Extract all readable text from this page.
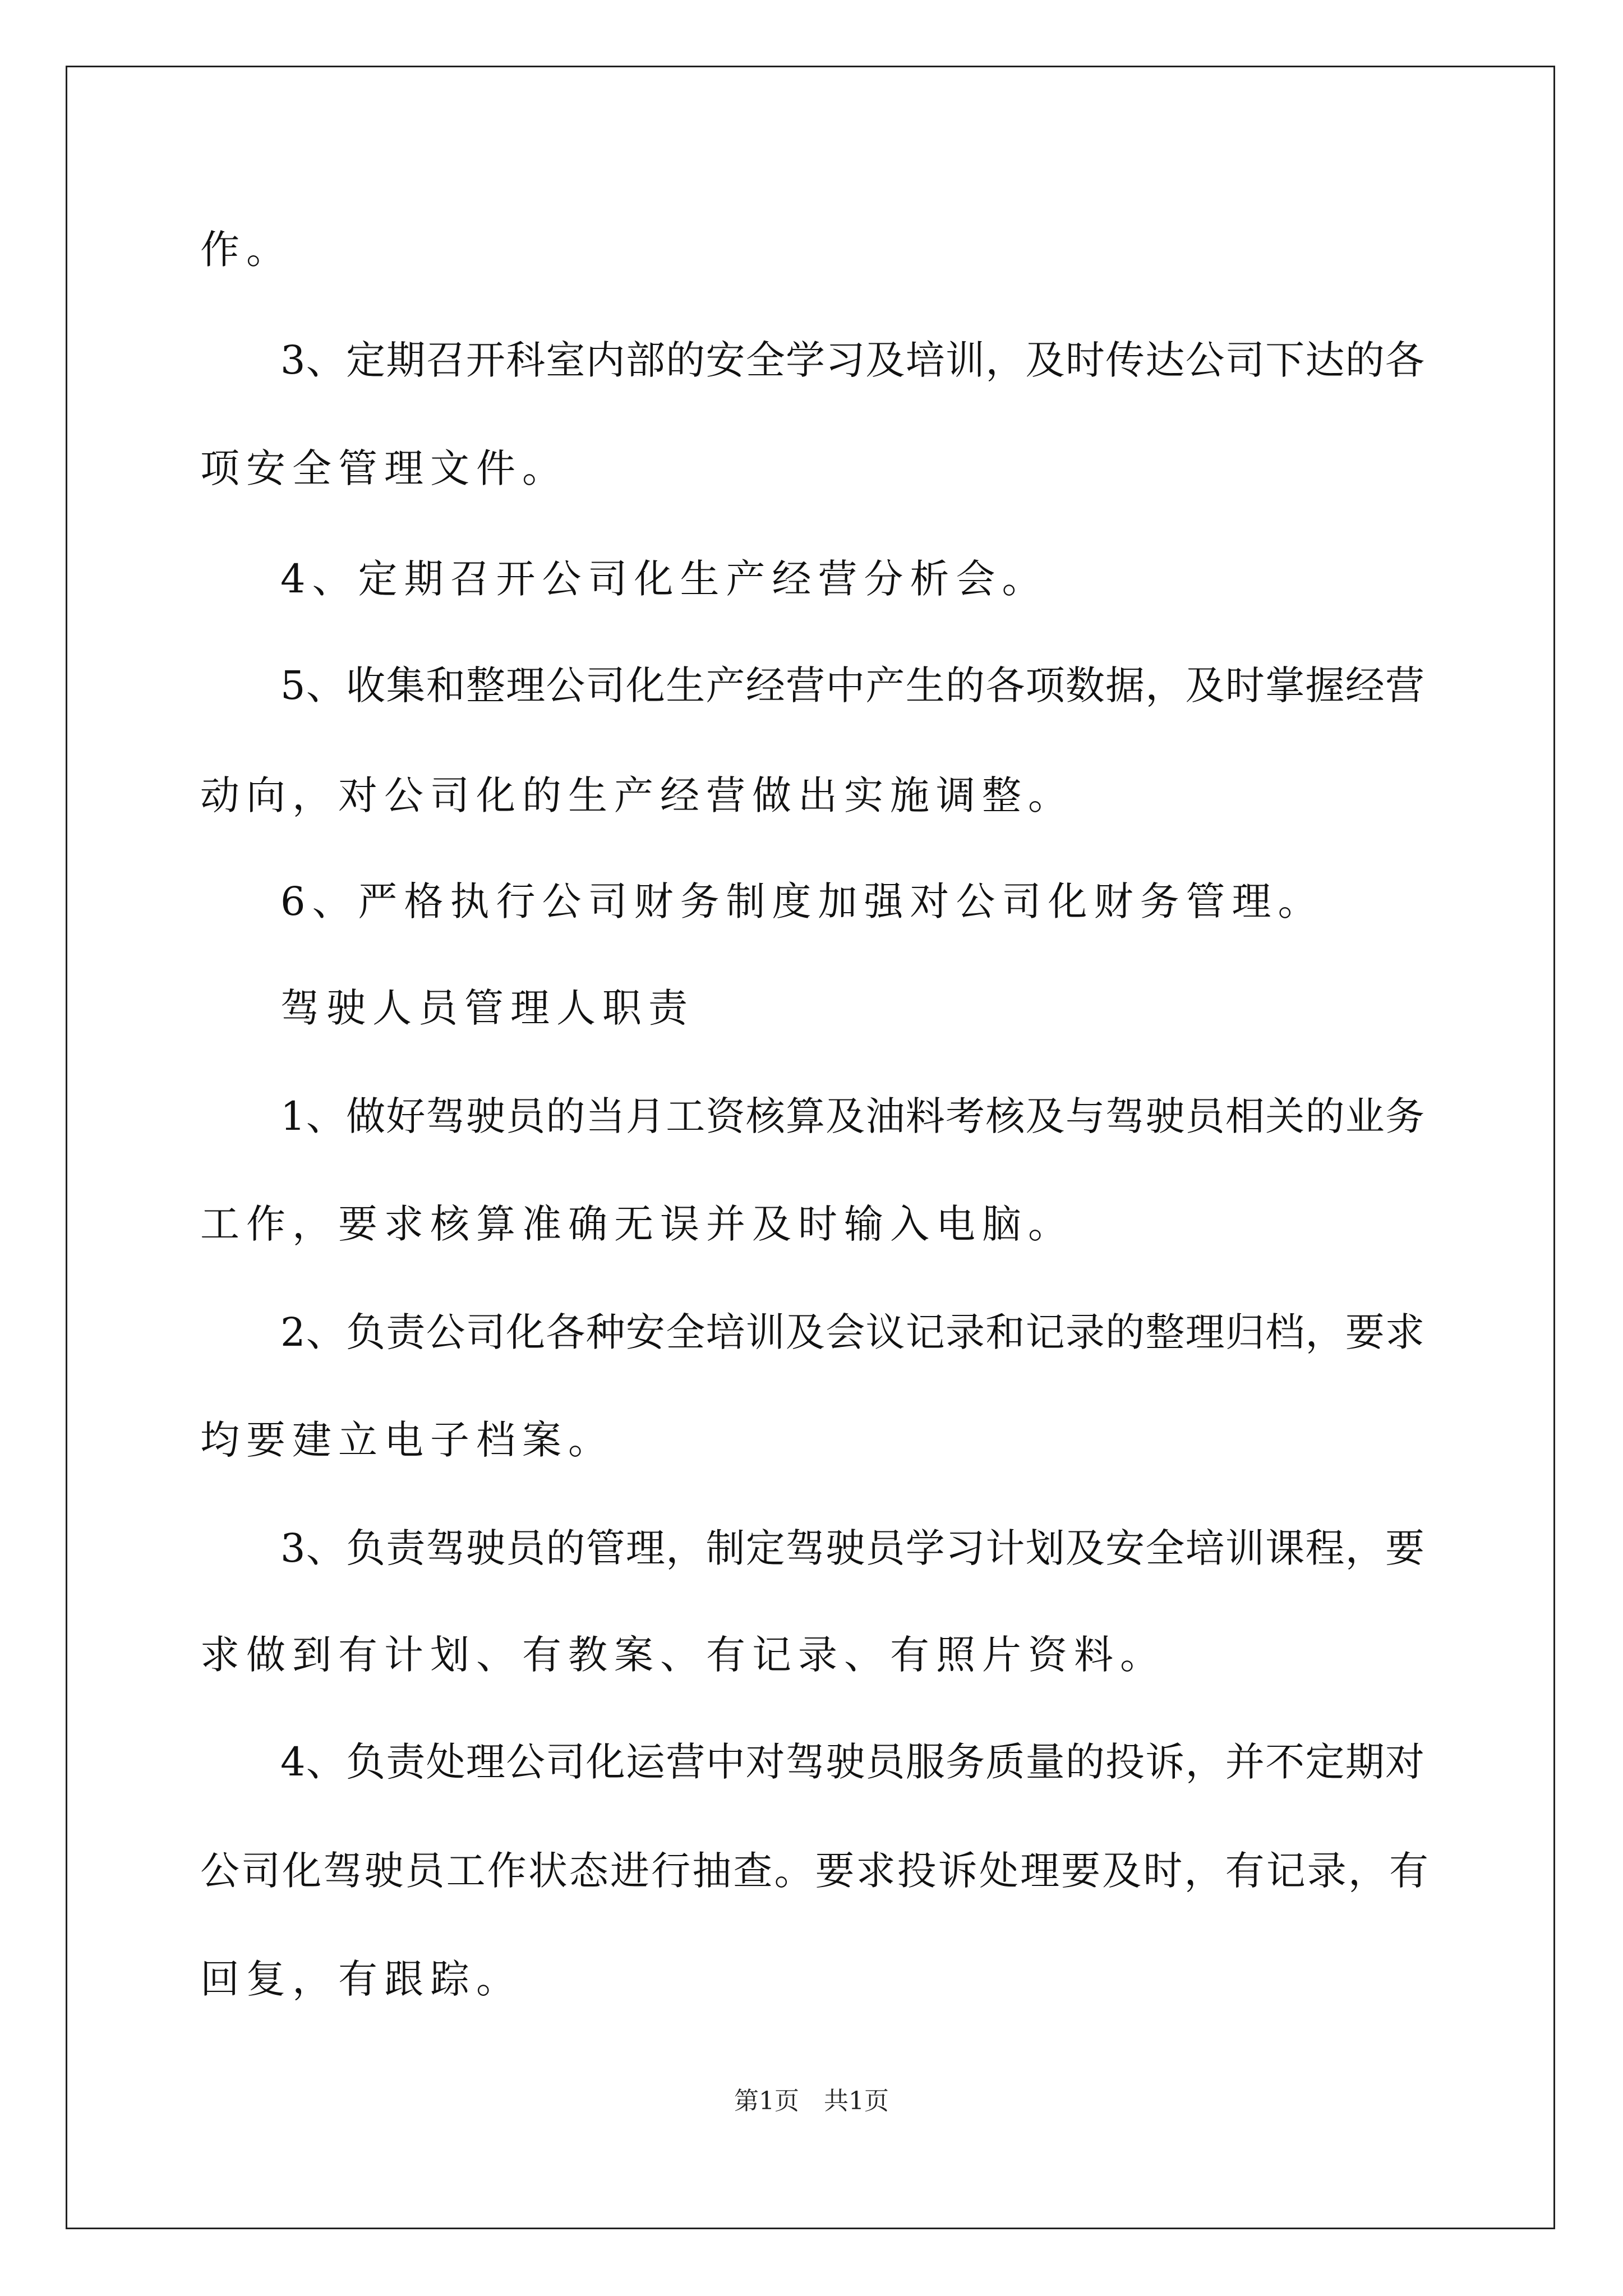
作。
3、定期召开科室内部的安全学习及培训，及时传达公司下达的各
项安全管理文件。
4、定期召开公司化生产经营分析会。
5、收集和整理公司化生产经营中产生的各项数据，及时掌握经营
动向，对公司化的生产经营做出实施调整。
6、严格执行公司财务制度加强对公司化财务管理。
驾驶人员管理人职责
1、做好驾驶员的当月工资核算及油料考核及与驾驶员相关的业务
工作，要求核算准确无误并及时输入电脑。
2、负责公司化各种安全培训及会议记录和记录的整理归档，要求
均要建立电子档案。
3、负责驾驶员的管理，制定驾驶员学习计划及安全培训课程，要
求做到有计划、有教案、有记录、有照片资料。
4、负责处理公司化运营中对驾驶员服务质量的投诉，并不定期对
公司化驾驶员工作状态进行抽查。要求投诉处理要及时，有记录，有
回复，有跟踪。
第1页　共1页
